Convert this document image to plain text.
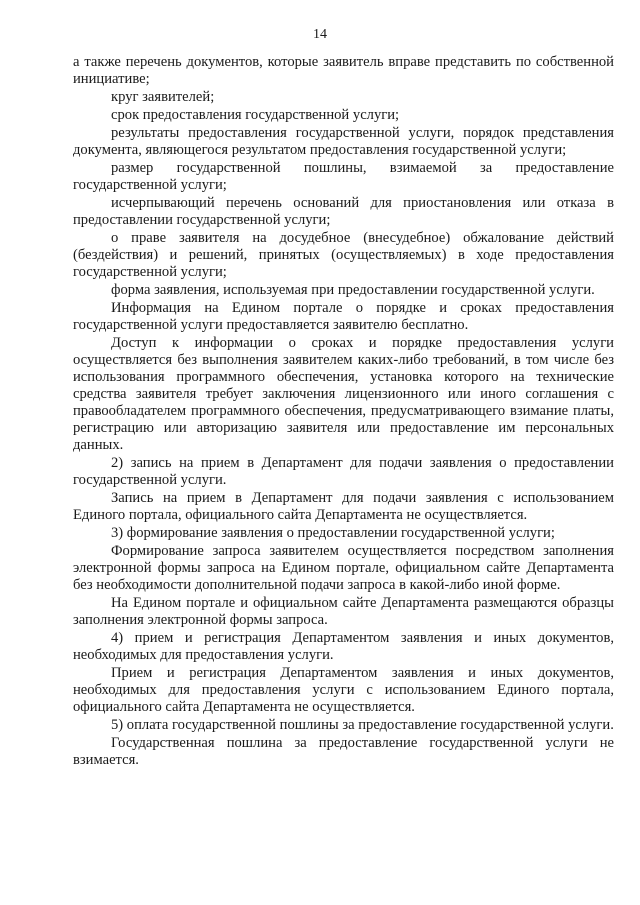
14

а также перечень документов, которые заявитель вправе представить по собственной инициативе;

круг заявителей;

срок предоставления государственной услуги;

результаты предоставления государственной услуги, порядок представления документа, являющегося результатом предоставления государственной услуги;

размер государственной пошлины, взимаемой за предоставление государственной услуги;

исчерпывающий перечень оснований для приостановления или отказа в предоставлении государственной услуги;

о праве заявителя на досудебное (внесудебное) обжалование действий (бездействия) и решений, принятых (осуществляемых) в ходе предоставления государственной услуги;

форма заявления, используемая при предоставлении государственной услуги.

Информация на Едином портале о порядке и сроках предоставления государственной услуги предоставляется заявителю бесплатно.

Доступ к информации о сроках и порядке предоставления услуги осуществляется без выполнения заявителем каких-либо требований, в том числе без использования программного обеспечения, установка которого на технические средства заявителя требует заключения лицензионного или иного соглашения с правообладателем программного обеспечения, предусматривающего взимание платы, регистрацию или авторизацию заявителя или предоставление им персональных данных.

2) запись на прием в Департамент для подачи заявления о предоставлении государственной услуги.

Запись на прием в Департамент для подачи заявления с использованием Единого портала, официального сайта Департамента не осуществляется.

3) формирование заявления о предоставлении государственной услуги;

Формирование запроса заявителем осуществляется посредством заполнения электронной формы запроса на Едином портале, официальном сайте Департамента без необходимости дополнительной подачи запроса в какой-либо иной форме.

На Едином портале и официальном сайте Департамента размещаются образцы заполнения электронной формы запроса.

4) прием и регистрация Департаментом заявления и иных документов, необходимых для предоставления услуги.

Прием и регистрация Департаментом заявления и иных документов, необходимых для предоставления услуги с использованием Единого портала, официального сайта Департамента не осуществляется.

5) оплата государственной пошлины за предоставление государственной услуги.

Государственная пошлина за предоставление государственной услуги не взимается.
